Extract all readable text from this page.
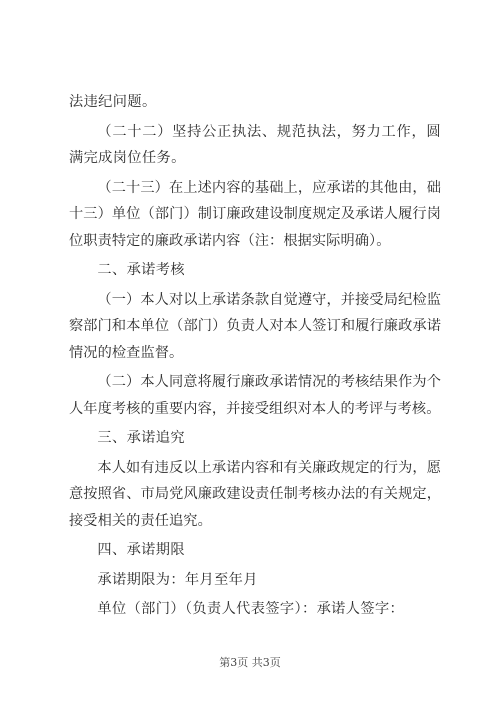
法违纪问题。

（二十二）坚持公正执法、规范执法，努力工作，圆满完成岗位任务。

（二十三）在上述内容的基础上，应承诺的其他由，础十三）单位（部门）制订廉政建设制度规定及承诺人履行岗位职责特定的廉政承诺内容（注：根据实际明确）。

二、承诺考核

（一）本人对以上承诺条款自觉遵守，并接受局纪检监察部门和本单位（部门）负责人对本人签订和履行廉政承诺情况的检查监督。

（二）本人同意将履行廉政承诺情况的考核结果作为个人年度考核的重要内容，并接受组织对本人的考评与考核。

三、承诺追究

本人如有违反以上承诺内容和有关廉政规定的行为，愿意按照省、市局党风廉政建设责任制考核办法的有关规定，接受相关的责任追究。

四、承诺期限

承诺期限为：年月至年月

单位（部门）（负责人代表签字）：承诺人签字：

第3页 共3页
